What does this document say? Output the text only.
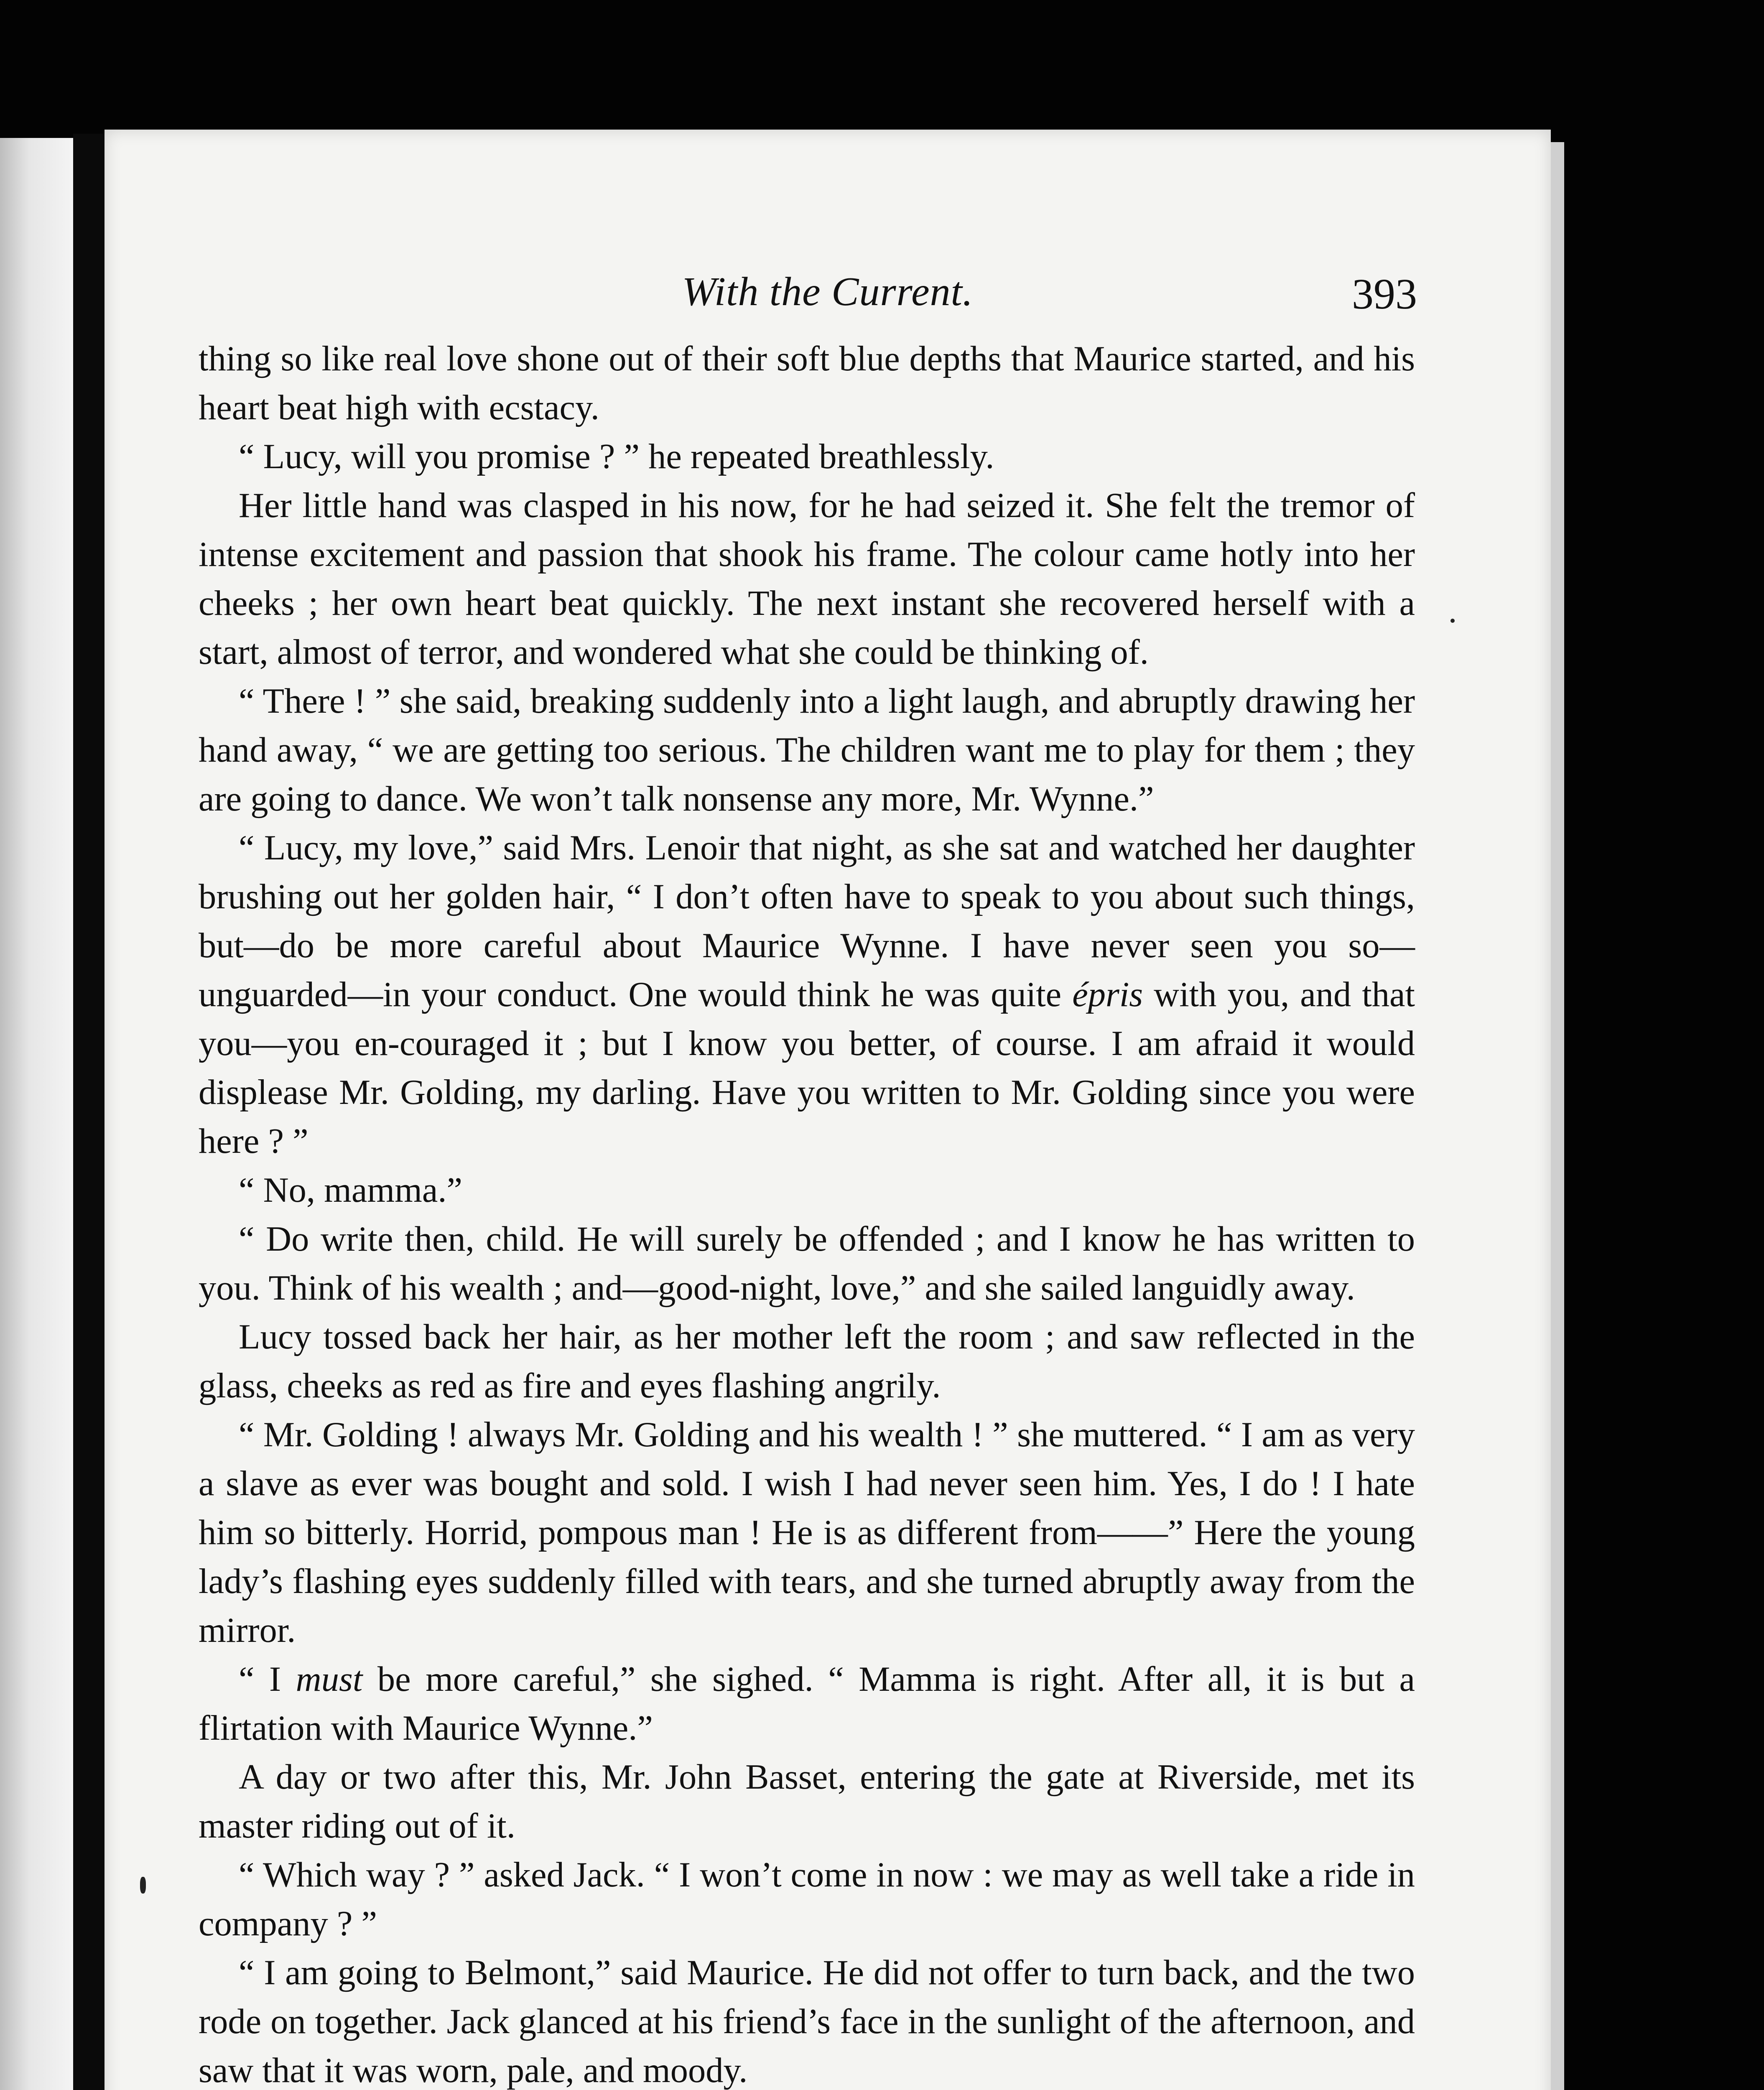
With the Current.	393

thing so like real love shone out of their soft blue depths that Maurice started, and his heart beat high with ecstacy.

“ Lucy, will you promise ? ” he repeated breathlessly.

Her little hand was clasped in his now, for he had seized it. She felt the tremor of intense excitement and passion that shook his frame. The colour came hotly into her cheeks ; her own heart beat quickly. The next instant she recovered herself with a start, almost of terror, and wondered what she could be thinking of.

“ There ! ” she said, breaking suddenly into a light laugh, and abruptly drawing her hand away, “ we are getting too serious. The children want me to play for them ; they are going to dance. We won’t talk nonsense any more, Mr. Wynne.”

“ Lucy, my love,” said Mrs. Lenoir that night, as she sat and watched her daughter brushing out her golden hair, “ I don’t often have to speak to you about such things, but—do be more careful about Maurice Wynne. I have never seen you so—unguarded—in your conduct. One would think he was quite épris with you, and that you—you en-couraged it ; but I know you better, of course. I am afraid it would displease Mr. Golding, my darling. Have you written to Mr. Golding since you were here ? ”

“ No, mamma.”

“ Do write then, child. He will surely be offended ; and I know he has written to you. Think of his wealth ; and—good-night, love,” and she sailed languidly away.

Lucy tossed back her hair, as her mother left the room ; and saw reflected in the glass, cheeks as red as fire and eyes flashing angrily.

“ Mr. Golding ! always Mr. Golding and his wealth ! ” she muttered. “ I am as very a slave as ever was bought and sold. I wish I had never seen him. Yes, I do ! I hate him so bitterly. Horrid, pompous man ! He is as different from——” Here the young lady’s flashing eyes suddenly filled with tears, and she turned abruptly away from the mirror.

“ I must be more careful,” she sighed. “ Mamma is right. After all, it is but a flirtation with Maurice Wynne.”

A day or two after this, Mr. John Basset, entering the gate at Riverside, met its master riding out of it.

“ Which way ? ” asked Jack. “ I won’t come in now : we may as well take a ride in company ? ”

“ I am going to Belmont,” said Maurice. He did not offer to turn back, and the two rode on together. Jack glanced at his friend’s face in the sunlight of the afternoon, and saw that it was worn, pale, and moody.
